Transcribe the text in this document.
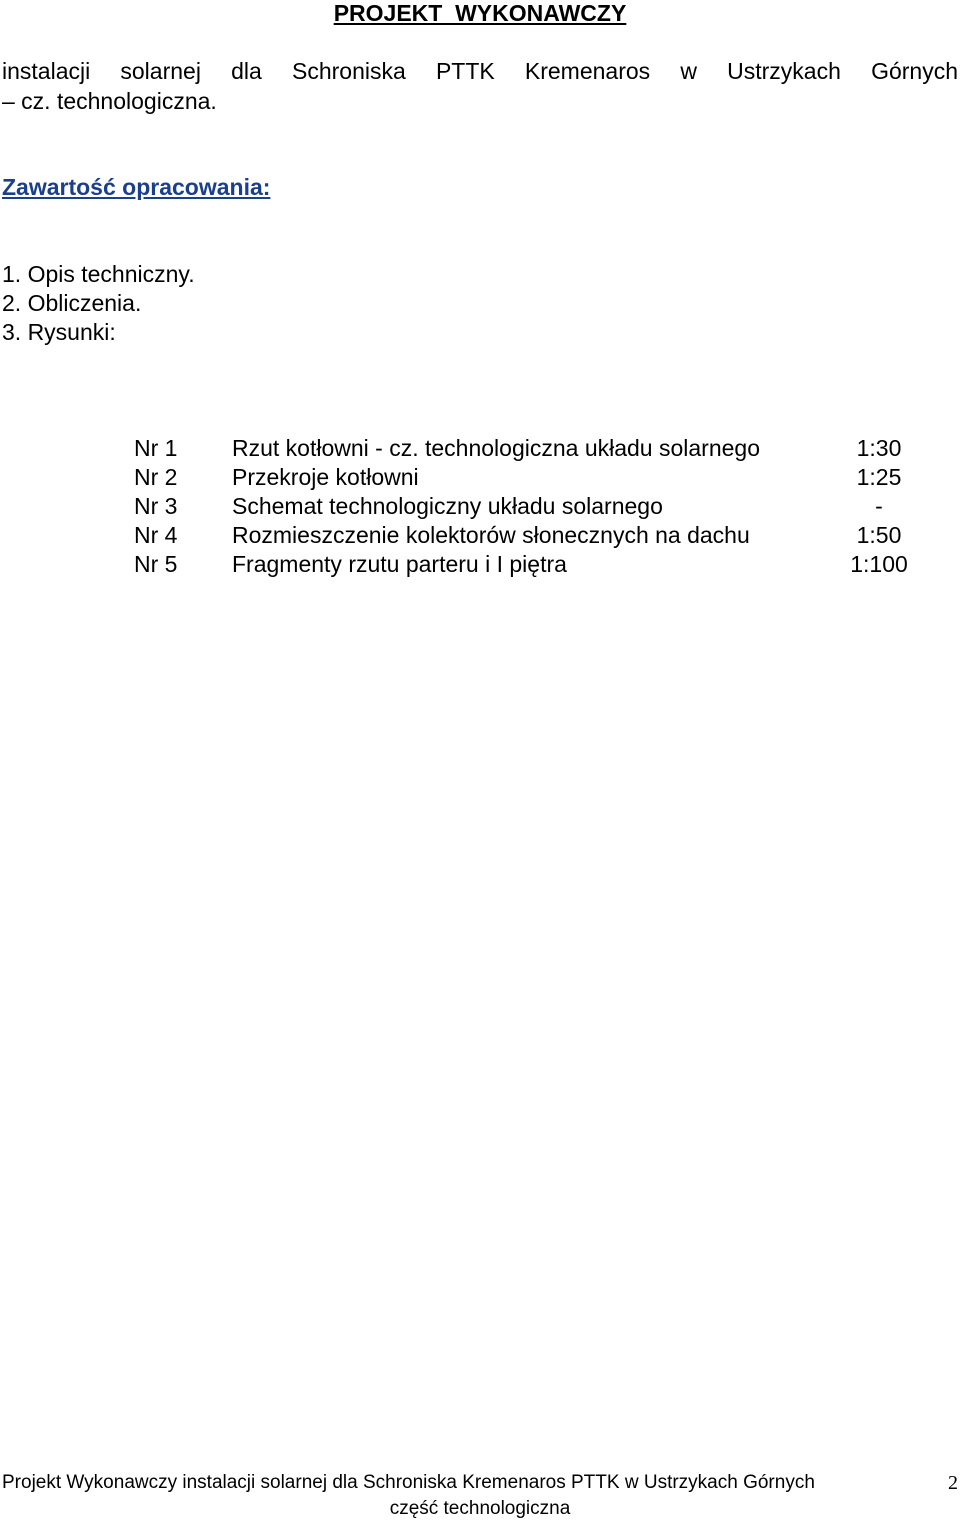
PROJEKT  WYKONAWCZY
instalacji solarnej dla Schroniska PTTK Kremenaros w Ustrzykach Górnych
– cz. technologiczna.
Zawartość opracowania:
1. Opis techniczny.
2. Obliczenia.
3. Rysunki:
Nr 1	Rzut kotłowni - cz. technologiczna układu solarnego	1:30
Nr 2	Przekroje kotłowni	1:25
Nr 3	Schemat technologiczny układu solarnego	-
Nr 4	Rozmieszczenie kolektorów słonecznych na dachu	1:50
Nr 5	Fragmenty rzutu parteru i I piętra	1:100
Projekt Wykonawczy instalacji solarnej dla Schroniska Kremenaros PTTK w Ustrzykach Górnych	2
część technologiczna
